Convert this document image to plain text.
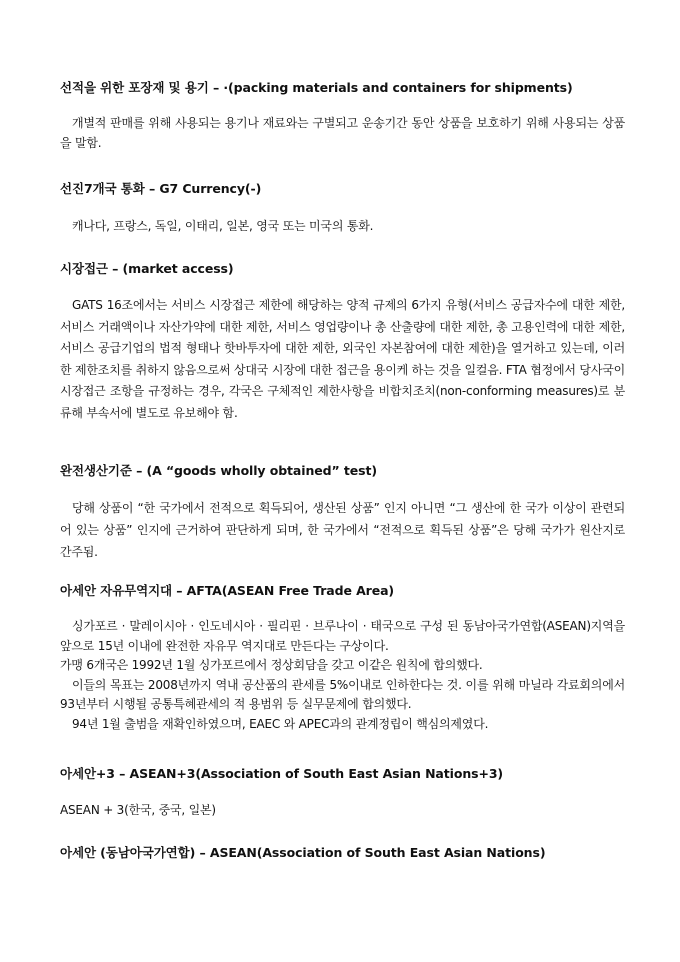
선적을 위한 포장재 및 용기 – ·(packing materials and containers for shipments)

개별적 판매를 위해 사용되는 용기나 재료와는 구별되고 운송기간 동안 상품을 보호하기 위해 사용되는 상품을 말함.

선진7개국 통화 – G7 Currency(-)

캐나다, 프랑스, 독일, 이태리, 일본, 영국 또는 미국의 통화.

시장접근 – (market access)

GATS 16조에서는 서비스 시장접근 제한에 해당하는 양적 규제의 6가지 유형(서비스 공급자수에 대한 제한,서비스 거래액이나 자산가약에 대한 제한, 서비스 영업량이나 총 산출량에 대한 제한, 총 고용인력에 대한 제한, 서비스 공급기업의 법적 형태나 핫바투자에 대한 제한, 외국인 자본참여에 대한 제한)을 열거하고 있는데, 이러한 제한조치를 취하지 않음으로써 상대국 시장에 대한 접근을 용이케 하는 것을 일컬음. FTA 협정에서 당사국이 시장접근 조항을 규정하는 경우, 각국은 구체적인 제한사항을 비합치조치(non-conforming measures)로 분류해 부속서에 별도로 유보해야 함.

완전생산기준 – (A “goods wholly obtained” test)

당해 상품이 “한 국가에서 전적으로 획득되어, 생산된 상품” 인지 아니면 “그 생산에 한 국가 이상이 관련되어 있는 상품” 인지에 근거하여 판단하게 되며, 한 국가에서 “전적으로 획득된 상품”은 당해 국가가 원산지로 간주됨.

아세안 자유무역지대 – AFTA(ASEAN Free Trade Area)

싱가포르 · 말레이시아 · 인도네시아 · 필리핀 · 브루나이 · 태국으로 구성 된 동남아국가연합(ASEAN)지역을 앞으로 15년 이내에 완전한 자유무 역지대로 만든다는 구상이다.

가맹 6개국은 1992년 1월 싱가포르에서 정상회담을 갖고 이같은 원칙에 합의했다.

이들의 목표는 2008년까지 역내 공산품의 관세를 5%이내로 인하한다는 것. 이를 위해 마닐라 각료회의에서 93년부터 시행될 공통특혜관세의 적 용범위 등 실무문제에 합의했다.

94년 1월 출범을 재확인하였으며, EAEC 와 APEC과의 관계정립이 핵심의제였다.

아세안+3 – ASEAN+3(Association of South East Asian Nations+3)

ASEAN + 3(한국, 중국, 일본)

아세안 (동남아국가연합) – ASEAN(Association of South East Asian Nations)
